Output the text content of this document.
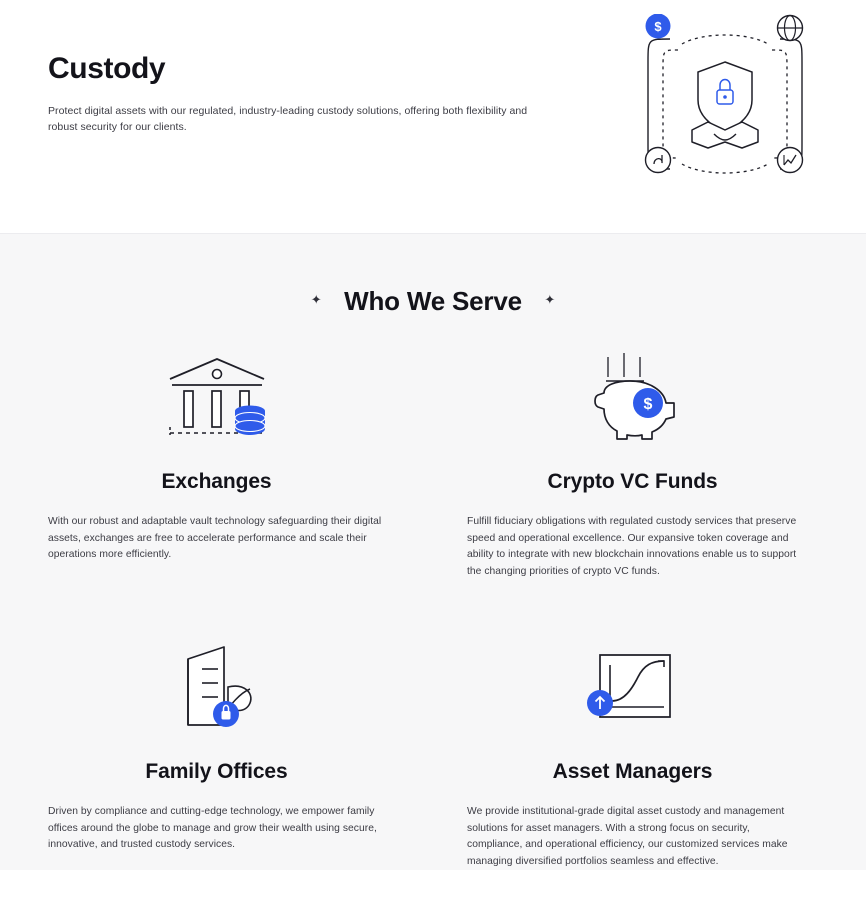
Custody

Protect digital assets with our regulated, industry-leading custody solutions, offering both flexibility and robust security for our clients.

$
✦ Who We Serve ✦
Exchanges

With our robust and adaptable vault technology safeguarding their digital assets, exchanges are free to accelerate performance and scale their operations more efficiently.

$
Crypto VC Funds

Fulfill fiduciary obligations with regulated custody services that preserve speed and operational excellence. Our expansive token coverage and ability to integrate with new blockchain innovations enable us to support the changing priorities of crypto VC funds.

Family Offices

Driven by compliance and cutting-edge technology, we empower family offices around the globe to manage and grow their wealth using secure, innovative, and trusted custody services.

Asset Managers

We provide institutional-grade digital asset custody and management solutions for asset managers. With a strong focus on security, compliance, and operational efficiency, our customized services make managing diversified portfolios seamless and effective.
